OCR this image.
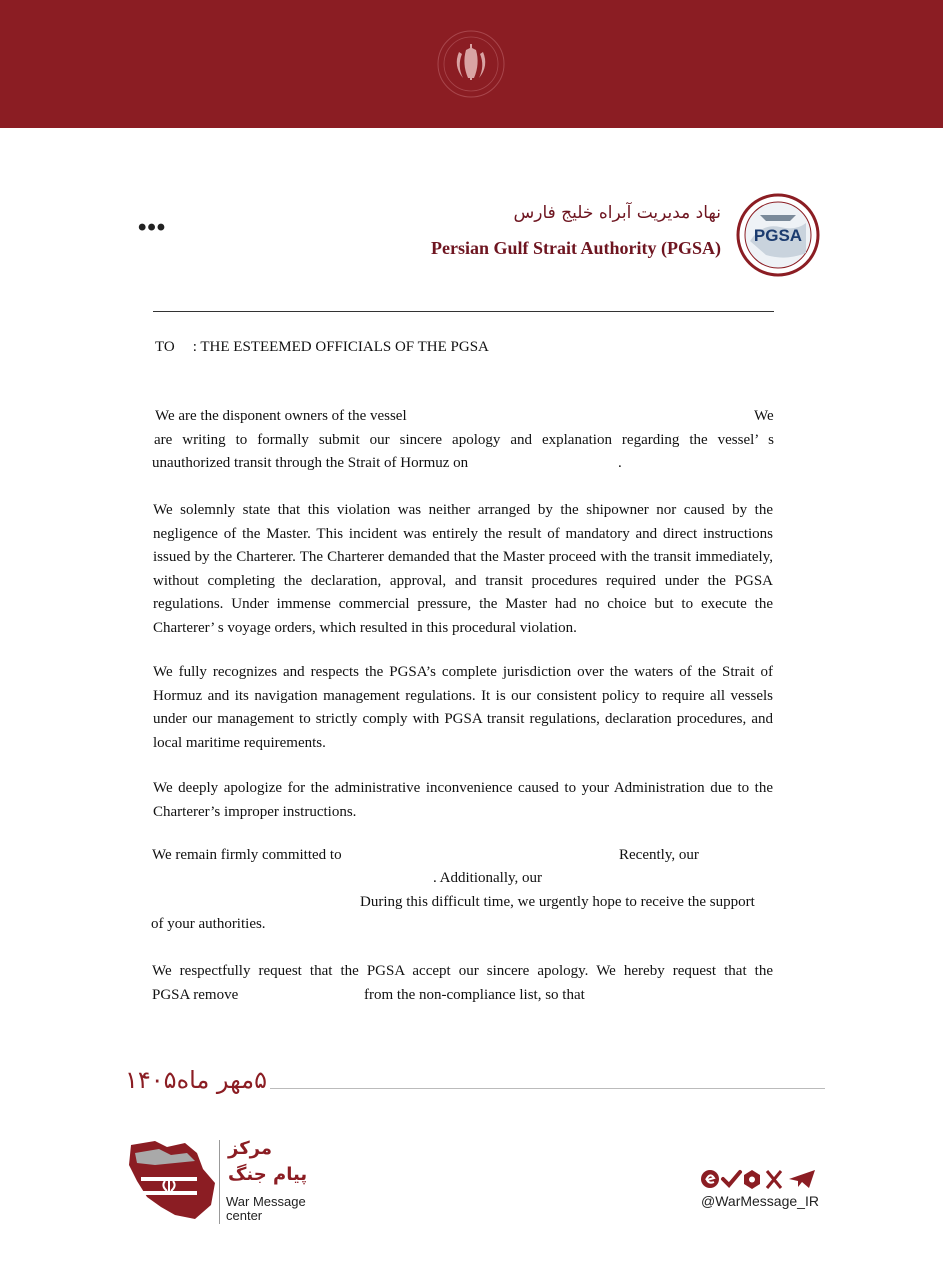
•••
نهاد مدیریت آبراه خلیج فارس
Persian Gulf Strait Authority (PGSA)
PGSA
TO : THE ESTEEMED OFFICIALS OF THE PGSA
We are the disponent owners of the vessel	We
are writing to formally submit our sincere apology and explanation regarding the vessel’ s
unauthorized transit through the Strait of Hormuz on	.
We solemnly state that this violation was neither arranged by the shipowner nor caused by the negligence of the Master. This incident was entirely the result of mandatory and direct instructions issued by the Charterer. The Charterer demanded that the Master proceed with the transit immediately, without completing the declaration, approval, and transit procedures required under the PGSA regulations. Under immense commercial pressure, the Master had no choice but to execute the Charterer’ s voyage orders, which resulted in this procedural violation.
We fully recognizes and respects the PGSA’s complete jurisdiction over the waters of the Strait of Hormuz and its navigation management regulations. It is our consistent policy to require all vessels under our management to strictly comply with PGSA transit regulations, declaration procedures, and local maritime requirements.
We deeply apologize for the administrative inconvenience caused to your Administration due to the Charterer’s improper instructions.
We remain firmly committed to	Recently, our
. Additionally, our
During this difficult time, we urgently hope to receive the support
of your authorities.
We respectfully request that the PGSA accept our sincere apology. We hereby request that the
PGSA remove	from the non-compliance list, so that
۵مهر ماه۱۴۰۵
مرکز
پیام جنگ
War Message center
@WarMessage_IR
